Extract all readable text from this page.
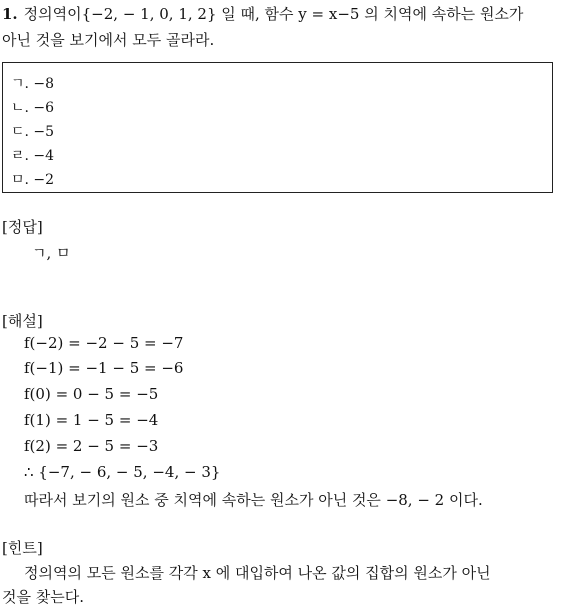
1. 정의역이{−2, − 1, 0, 1, 2} 일 때, 함수 y = x−5 의 치역에 속하는 원소가
아닌 것을 보기에서 모두 골라라.
ㄱ. −8
ㄴ. −6
ㄷ. −5
ㄹ. −4
ㅁ. −2
[정답]
ㄱ, ㅁ
[해설]
f(−2) = −2 − 5 = −7
f(−1) = −1 − 5 = −6
f(0) = 0 − 5 = −5
f(1) = 1 − 5 = −4
f(2) = 2 − 5 = −3
∴ {−7, − 6, − 5, −4, − 3}
따라서 보기의 원소 중 치역에 속하는 원소가 아닌 것은 −8, − 2 이다.
[힌트]
정의역의 모든 원소를 각각 x 에 대입하여 나온 값의 집합의 원소가 아닌
것을 찾는다.
